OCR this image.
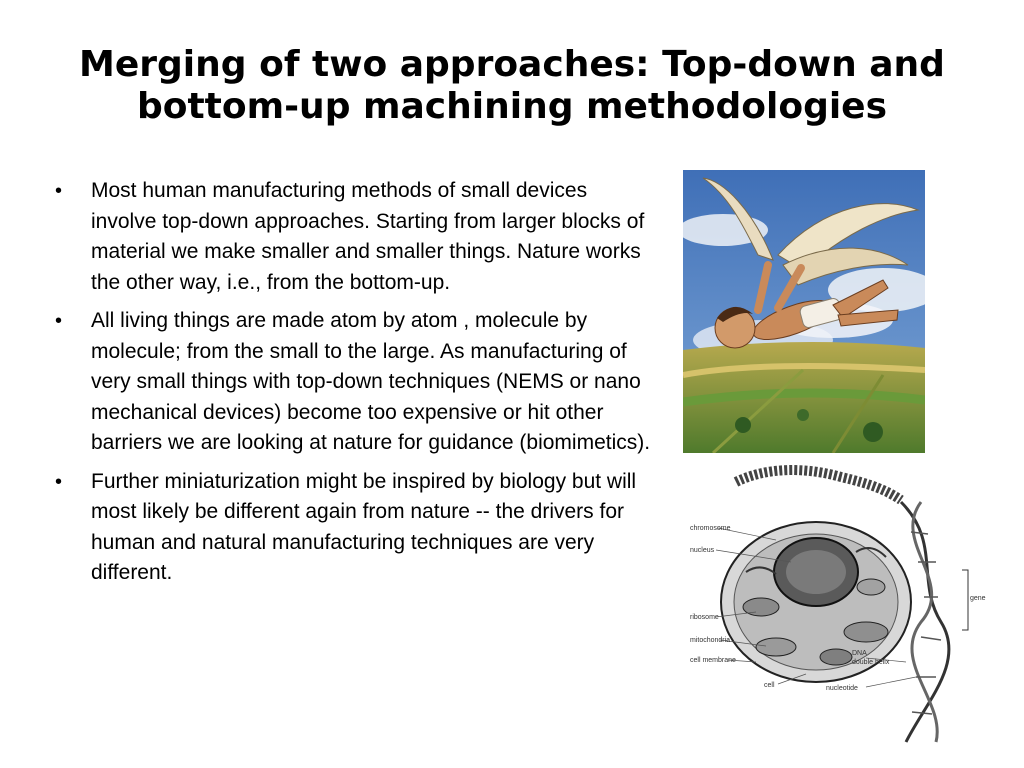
Merging of two approaches: Top-down and bottom-up machining methodologies
• Most human manufacturing methods of small devices involve top-down approaches. Starting from larger blocks of material we make smaller and smaller things. Nature works the other way, i.e., from the bottom-up.
• All living things are made atom by atom , molecule by molecule; from the small to the large. As manufacturing of very small things with top-down techniques (NEMS or nano mechanical devices) become too expensive or hit other barriers we are looking at nature for guidance (biomimetics).
• Further miniaturization might be inspired by biology but will most likely be different again from nature -- the drivers for human and natural manufacturing techniques are very different.
chromosome
nucleus
ribosome
mitochondria
cell membrane
cell
DNA
double helix
nucleotide
gene
